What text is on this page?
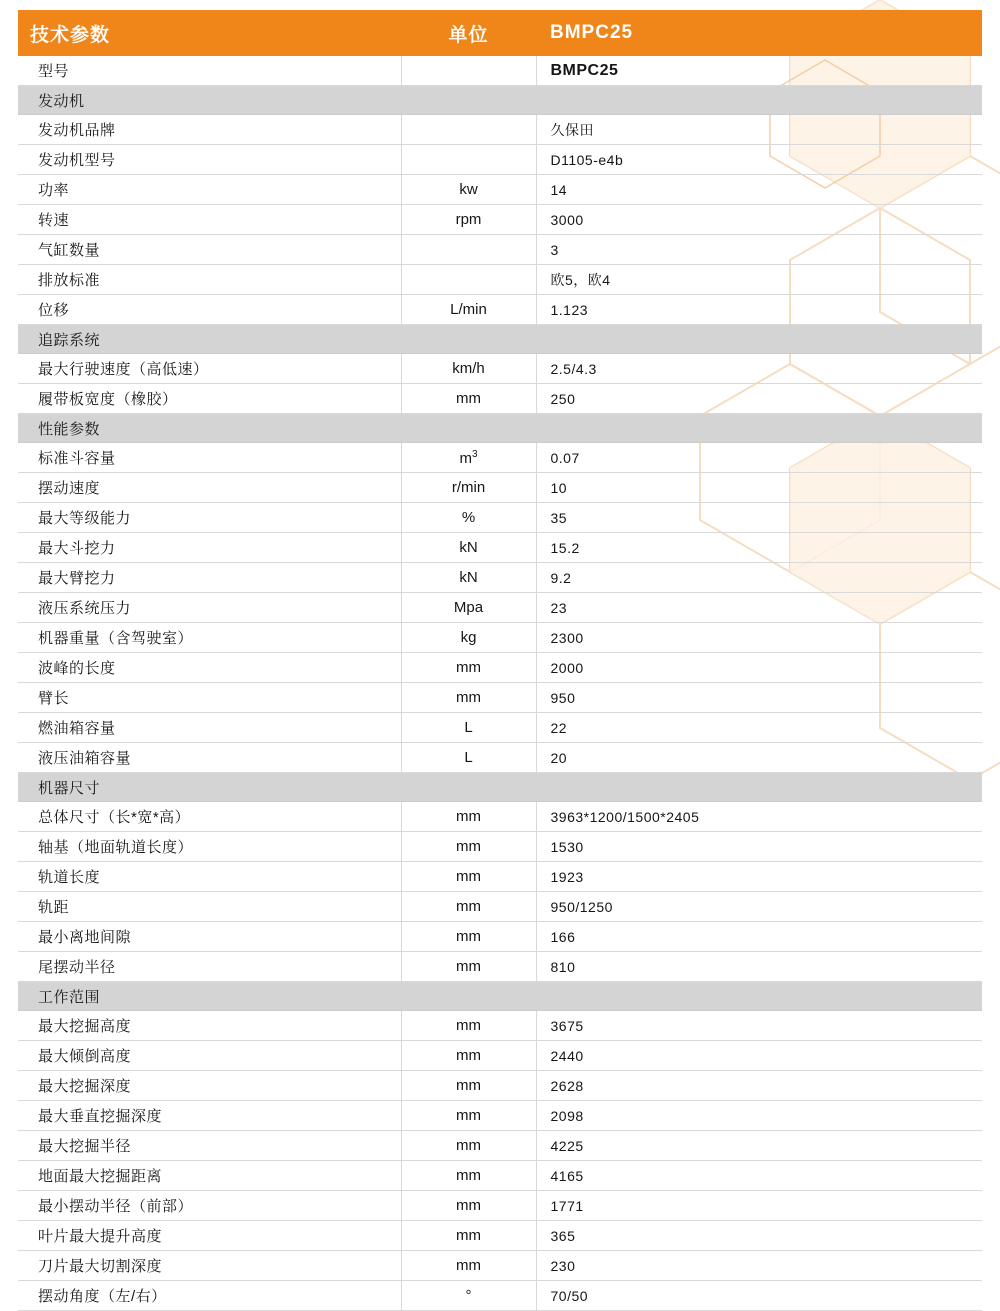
技术参数	单位	BMPC25
型号		BMPC25
发动机		
发动机品牌		久保田
发动机型号		D1105-e4b
功率	kw	14
转速	rpm	3000
气缸数量		3
排放标准		欧5，欧4
位移	L/min	1.123
追踪系统		
最大行驶速度（高低速）	km/h	2.5/4.3
履带板宽度（橡胶）	mm	250
性能参数		
标准斗容量	$m^3$	0.07
摆动速度	r/min	10
最大等级能力	%	35
最大斗挖力	kN	15.2
最大臂挖力	kN	9.2
液压系统压力	Mpa	23
机器重量（含驾驶室）	kg	2300
波峰的长度	mm	2000
臂长	mm	950
燃油箱容量	L	22
液压油箱容量	L	20
机器尺寸		
总体尺寸（长*宽*高）	mm	3963*1200/1500*2405
轴基（地面轨道长度）	mm	1530
轨道长度	mm	1923
轨距	mm	950/1250
最小离地间隙	mm	166
尾摆动半径	mm	810
工作范围		
最大挖掘高度	mm	3675
最大倾倒高度	mm	2440
最大挖掘深度	mm	2628
最大垂直挖掘深度	mm	2098
最大挖掘半径	mm	4225
地面最大挖掘距离	mm	4165
最小摆动半径（前部）	mm	1771
叶片最大提升高度	mm	365
刀片最大切割深度	mm	230
摆动角度（左/右）	°	70/50
